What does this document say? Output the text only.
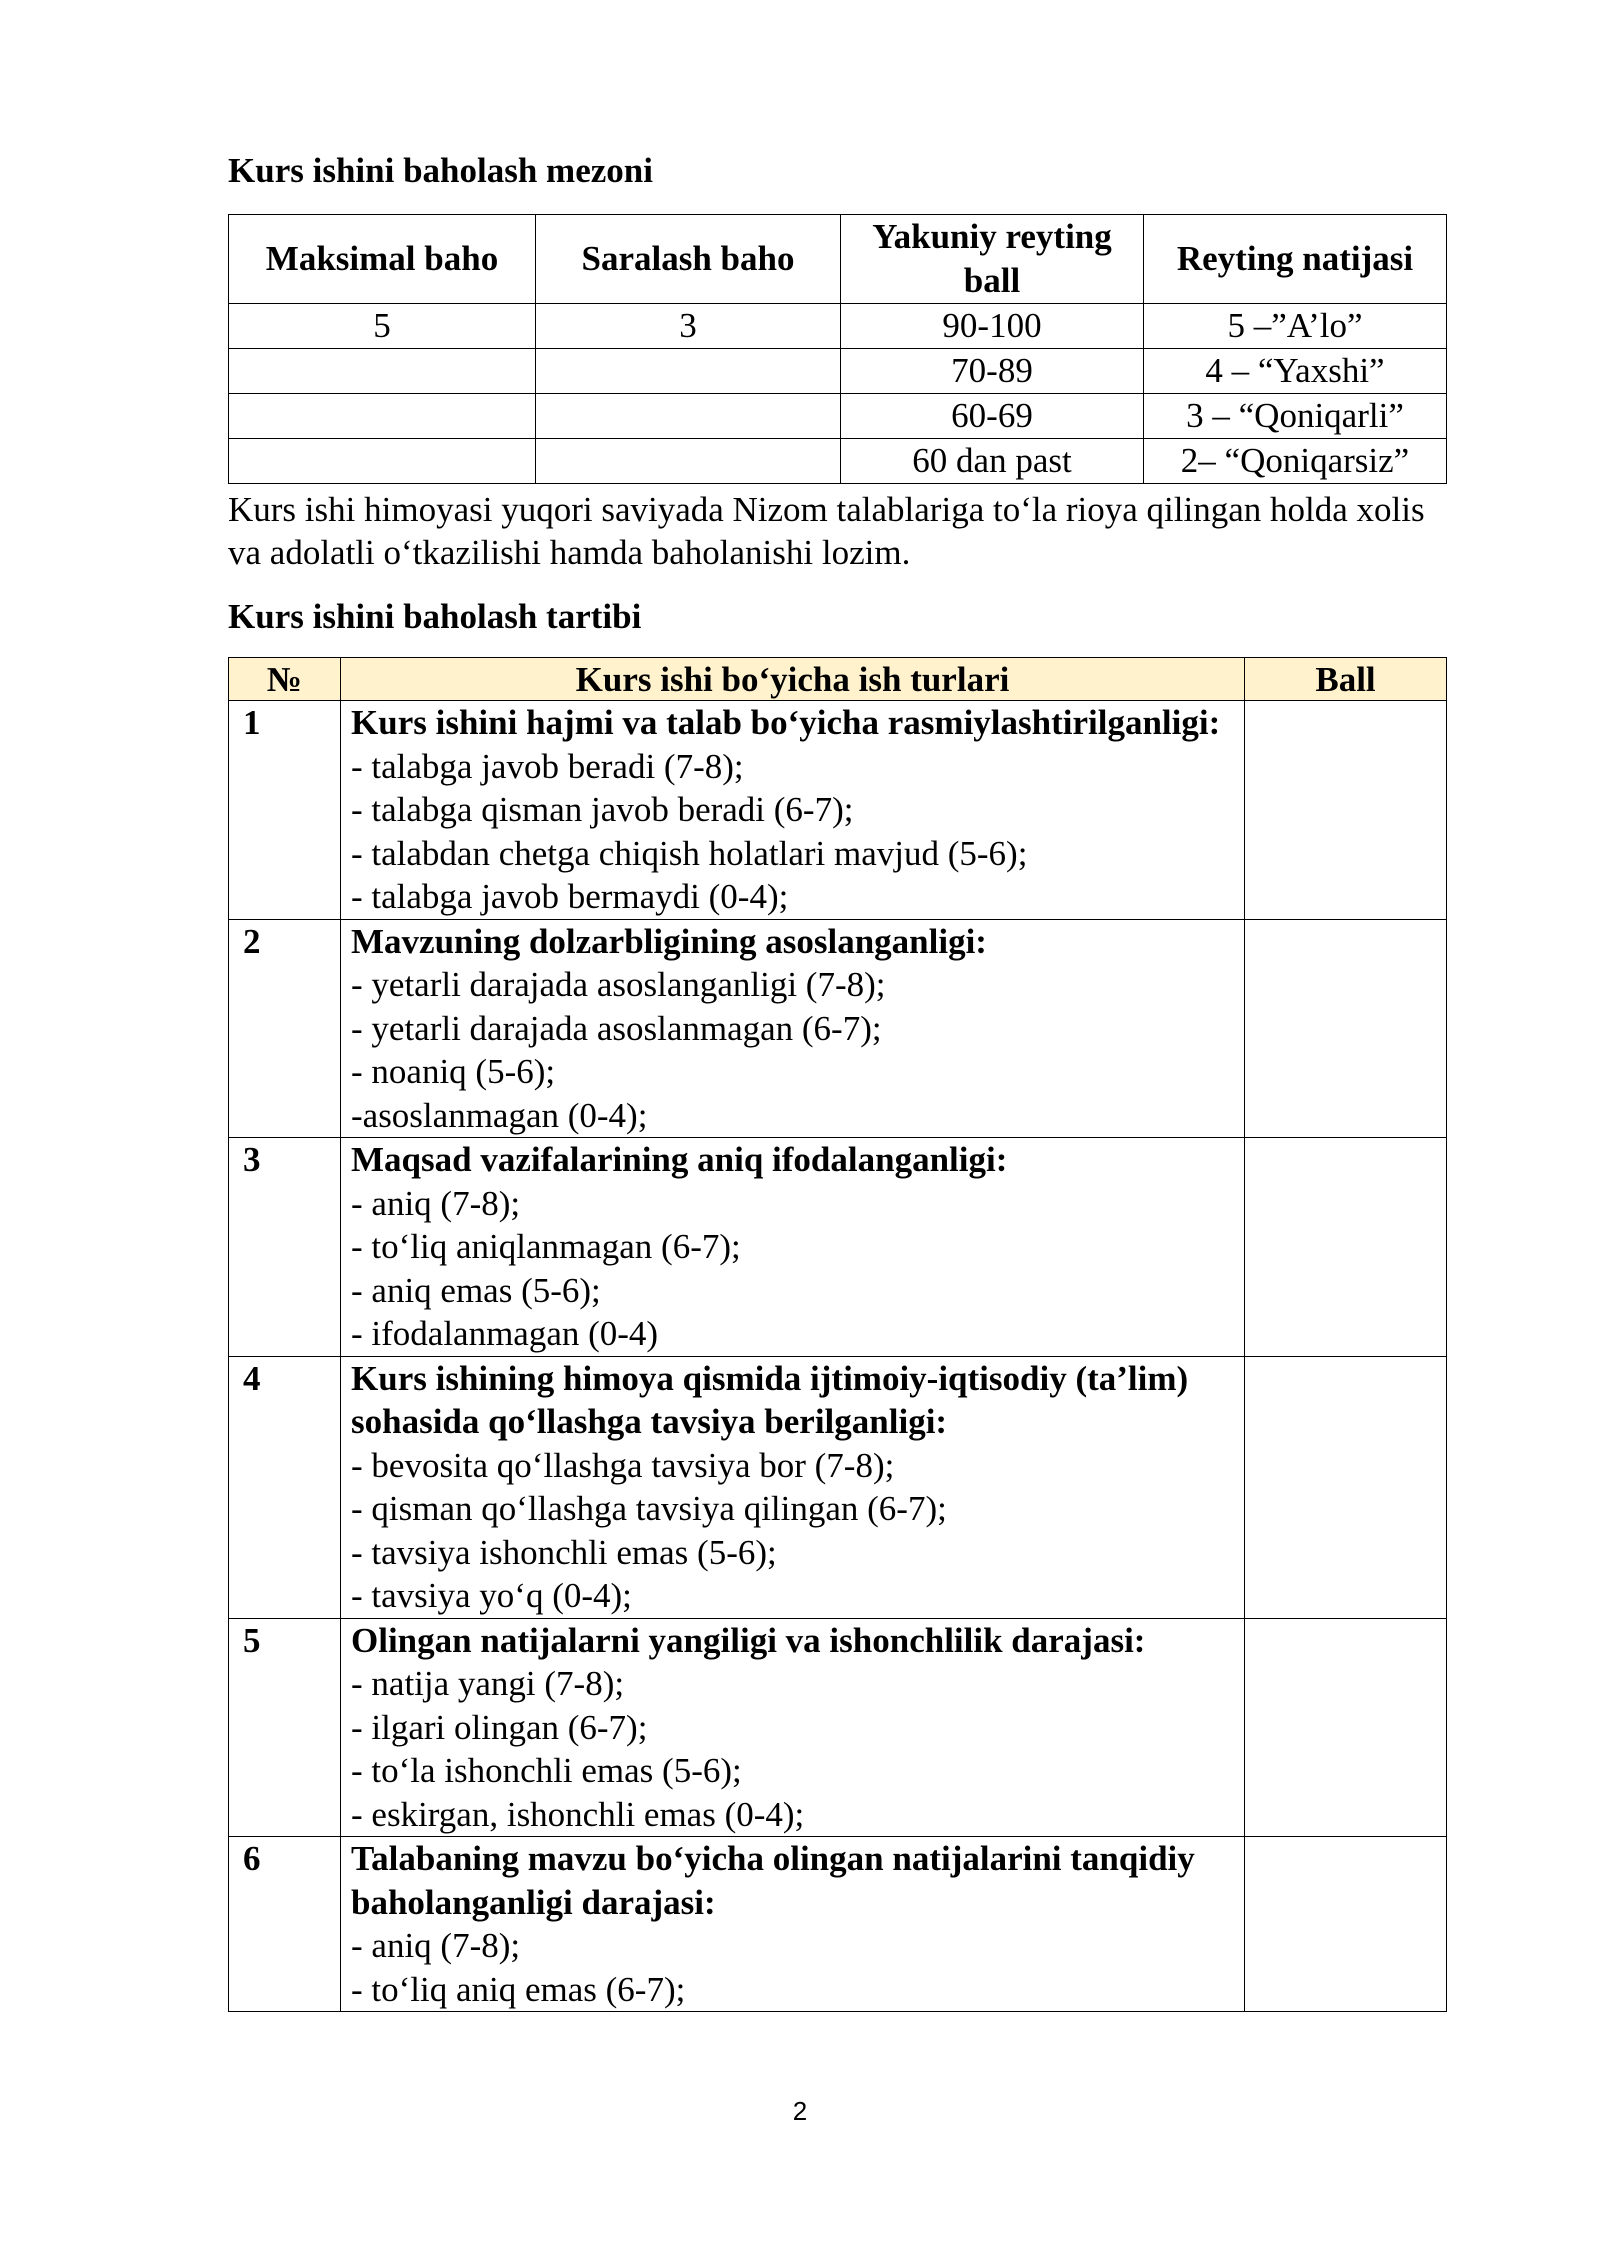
Kurs ishini baholash mezoni

Maksimal baho	Saralash baho	Yakuniy reyting ball	Reyting natijasi
5	3	90-100	5 –”A’lo”
		70-89	4 – “Yaxshi”
		60-69	3 – “Qoniqarli”
		60 dan past	2– “Qoniqarsiz”

Kurs ishi himoyasi yuqori saviyada Nizom talablariga to‘la rioya qilingan holda xolis va adolatli o‘tkazilishi hamda baholanishi lozim.

Kurs ishini baholash tartibi

№	Kurs ishi bo‘yicha ish turlari	Ball
1	Kurs ishini hajmi va talab bo‘yicha rasmiylashtirilganligi:
- talabga javob beradi (7-8);
- talabga qisman javob beradi (6-7);
- talabdan chetga chiqish holatlari mavjud (5-6);
- talabga javob bermaydi (0-4);	

2	Mavzuning dolzarbligining asoslanganligi:
- yetarli darajada asoslanganligi (7-8);
- yetarli darajada asoslanmagan (6-7);
- noaniq (5-6);
-asoslanmagan (0-4);	

3	Maqsad vazifalarining aniq ifodalanganligi:
- aniq (7-8);
- to‘liq aniqlanmagan (6-7);
- aniq emas (5-6);
- ifodalanmagan (0-4)	

4	Kurs ishining himoya qismida ijtimoiy-iqtisodiy (ta’lim) sohasida qo‘llashga tavsiya berilganligi:
- bevosita qo‘llashga tavsiya bor (7-8);
- qisman qo‘llashga tavsiya qilingan (6-7);
- tavsiya ishonchli emas (5-6);
- tavsiya yo‘q (0-4);	

5	Olingan natijalarni yangiligi va ishonchlilik darajasi:
- natija yangi (7-8);
- ilgari olingan (6-7);
- to‘la ishonchli emas (5-6);
- eskirgan, ishonchli emas (0-4);	

6	Talabaning mavzu bo‘yicha olingan natijalarini tanqidiy baholanganligi darajasi:
- aniq (7-8);
- to‘liq aniq emas (6-7);	

2
